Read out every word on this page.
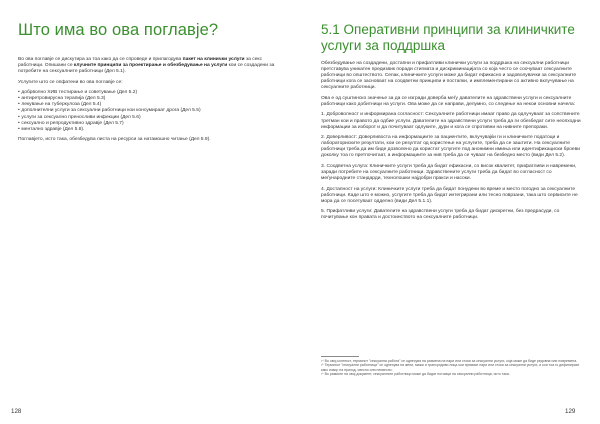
Што има во ова поглавје?

Во ова поглавје се дискутира за тоа како да се спроведе и прилагодува пакет на клинички услуги за секс работници. Опишани се клучните принципи за проектирање и обезбедување на услуги кои се создадени за потребите на сексуалните работници (Дел 5.1).

Услугите што се опфатени во ова поглавје се:

• добрволно ХИВ тестирање и советување (Дел 5.2)
• антиретровирусна терапија (Дел 5.3)
• лекување на туберкулоза (Дел 5.4)
• дополнителни услуги за сексуални работници кои консумираат дрога (Дел 5.5)
• услуги за сексуално преносливи инфекции (Дел 5.6)
• сексуално и репродуктивно здравје (Дел 5.7)
• ментално здравје (Дел 5.8).

Поглавјето, исто така, обезбедува листа на ресурси за натамошно читање (Дел 5.9).

128
5.1 Оперативни принципи за клиничките услуги за поддршка

Обезбедување на создадени, достапни и прифатливи клинички услуги за поддршка на сексуални работници претставува уникатен предизвик поради стигмата и дискриминацијата со која честo се соочуваат сексуалните работници во општеството. Сепак, клиничките услуги може да бидат ефикасно и задоволувачки за сексуалните работници кога се засноваат на соодветни принципи и постапки, и имплементирани со активно вклучување на сексуалните работници.

Ова е од суштинско значење за да се изгради доверба меѓу давателите на здравствени услуги и сексуалните работници како добитници на услуги. Ова може да се направи, делумно, со следење на некои основни начела:

1. Доброволност и информирана согласност: Сексуалните работници имаат право да одлучуваат за сопствените третман кои и правото да одбие услуги. Давателите на здравствени услуги треба да ги обезбедат сите неопходни информации за изборот и да почитуваат одлуките, дури и кога се спротивни на нивните препораки.

2. Доверливост: Доверливоста на информациите за пациентите, вклучувајќи ги и клиничките податоци и лабораториските резултати, кои се резултат од користење на услугите, треба да се заштити. На сексуалните работници треба да им биде дозволено да користат услугите под анонимни имиња или идентификациски броеви доколку тоа го претпочитаат, а информациите за нив треба да се чуваат на безбедно место (види Дел 5.2).

3. Соодветна услуга: Клиничките услуги треба да бидат ефикасни, со висок квалитет, прифатливи и навремени, заради потребите на сексуалните работници. Здравствените услуги треба да бидат во согласност со меѓународните стандарди, технолошки најдобри пракси и насоки.

4. Достапност на услуги: Клиничките услуги треба да бидат понудени во време и место погодно за сексуалните работници. Каде што е можно, услугите треба да бидат интегрирани или тесно поврзани, така што сервисите не мора да се посетуваат одделно (види Дел 5.1.1).

5. Прифатливи услуги: Давателите на здравствени услуги треба да бидат дискретни, без предрасуди, со почитување кон правата и достоинството на сексуалните работници.

¹⁴ Во овој контекст, терминот "сексуална работа" се однесува на размена на пари или стоки за сексуални услуги, која може да биде редовна или повремена.

¹⁵ Терминот "сексуални работници" се однесува на жени, мажи и трансродови лица кои примаат пари или стоки за сексуални услуги, и кои тоа го дефинираат како извор на приход, свесно или несвесно.

¹⁶ Во рамките на овој документ, сексуалните работници може да бидат потомци на сексуални работници, исто така.

129
